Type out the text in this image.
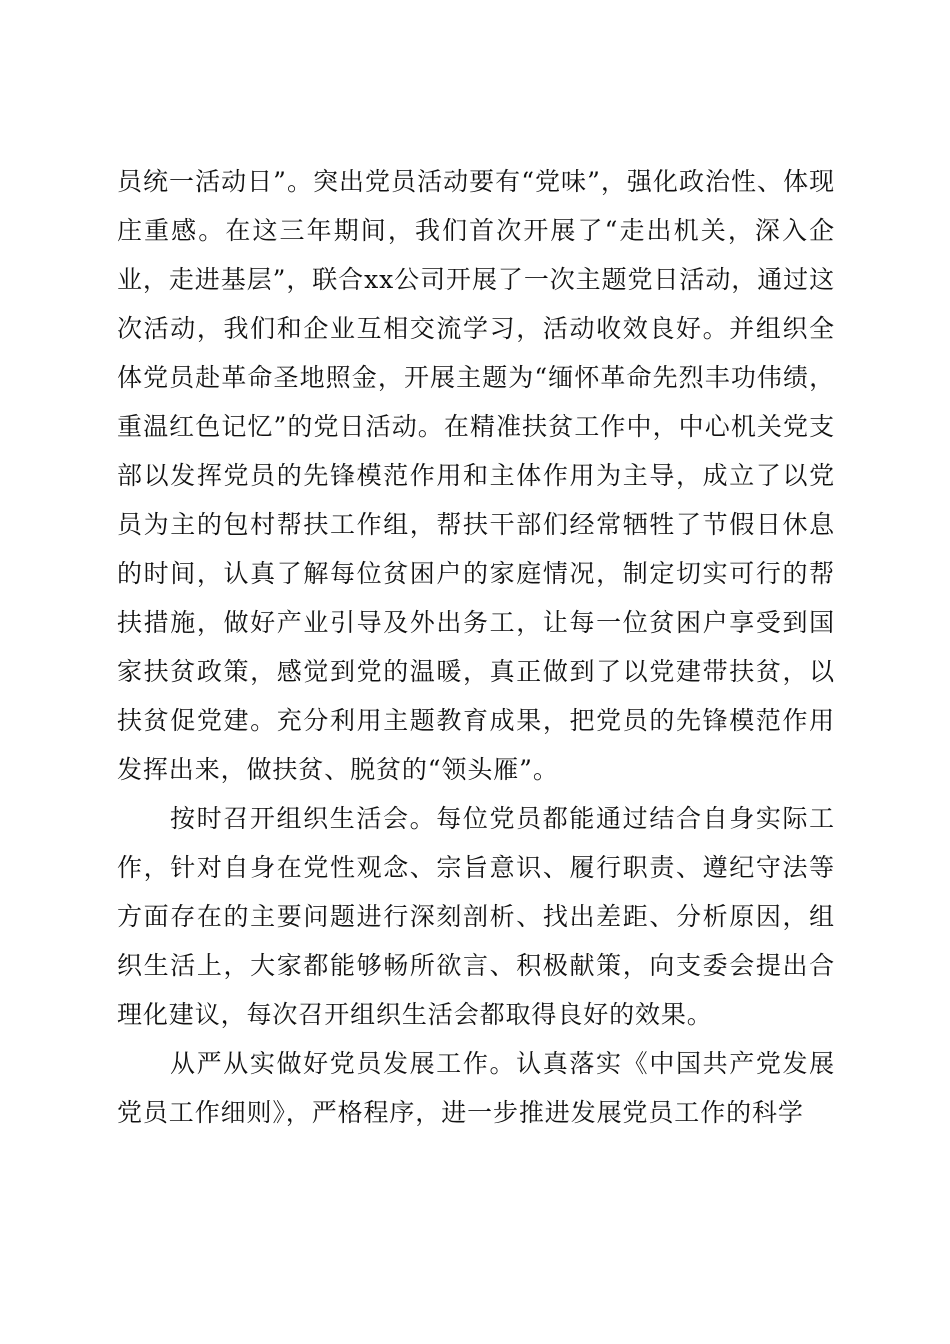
员统一活动日”。突出党员活动要有“党味”，强化政治性、体现庄重感。在这三年期间，我们首次开展了“走出机关，深入企业，走进基层”，联合xx公司开展了一次主题党日活动，通过这次活动，我们和企业互相交流学习，活动收效良好。并组织全体党员赴革命圣地照金，开展主题为“缅怀革命先烈丰功伟绩，重温红色记忆”的党日活动。在精准扶贫工作中，中心机关党支部以发挥党员的先锋模范作用和主体作用为主导，成立了以党员为主的包村帮扶工作组，帮扶干部们经常牺牲了节假日休息的时间，认真了解每位贫困户的家庭情况，制定切实可行的帮扶措施，做好产业引导及外出务工，让每一位贫困户享受到国家扶贫政策，感觉到党的温暖，真正做到了以党建带扶贫，以扶贫促党建。充分利用主题教育成果，把党员的先锋模范作用发挥出来，做扶贫、脱贫的“领头雁”。

按时召开组织生活会。每位党员都能通过结合自身实际工作，针对自身在党性观念、宗旨意识、履行职责、遵纪守法等方面存在的主要问题进行深刻剖析、找出差距、分析原因，组织生活上，大家都能够畅所欲言、积极献策，向支委会提出合理化建议，每次召开组织生活会都取得良好的效果。

从严从实做好党员发展工作。认真落实《中国共产党发展党员工作细则》，严格程序，进一步推进发展党员工作的科学
